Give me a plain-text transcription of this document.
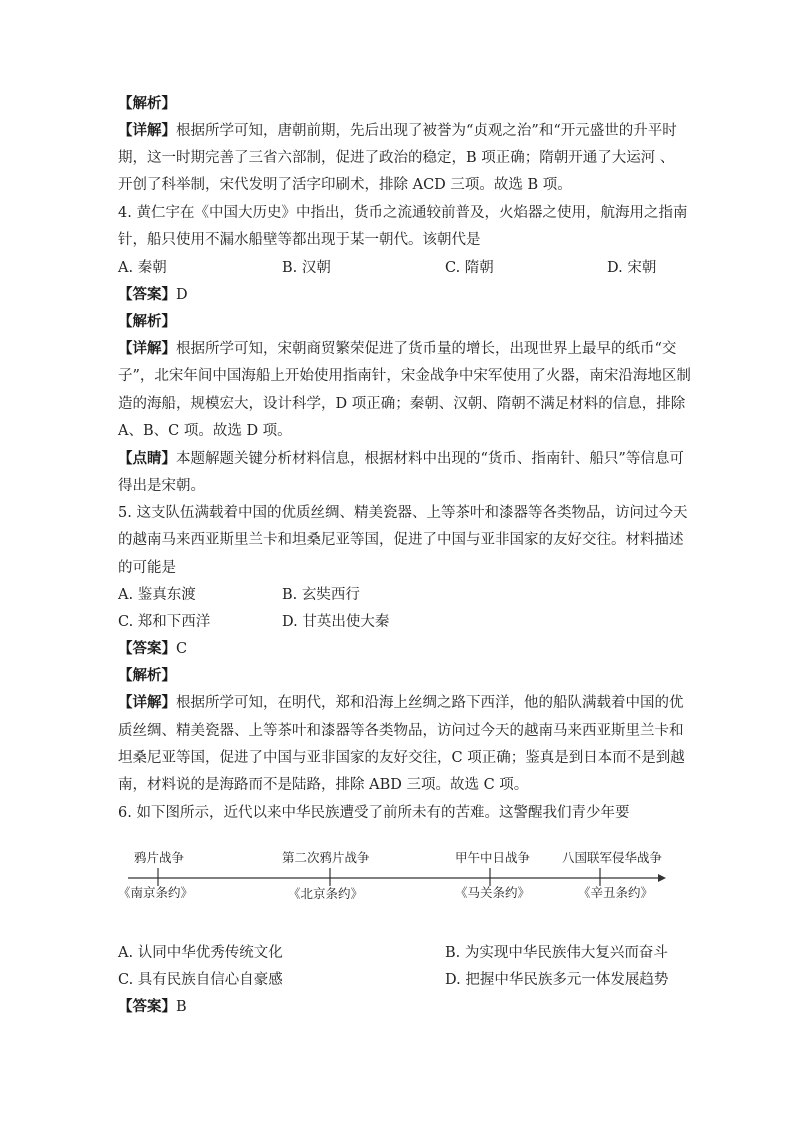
【解析】
【详解】根据所学可知，唐朝前期，先后出现了被誉为“贞观之治”和“开元盛世的升平时
期，这一时期完善了三省六部制，促进了政治的稳定，B 项正确；隋朝开通了大运河 、
开创了科举制，宋代发明了活字印刷术，排除 ACD 三项。故选 B 项。
4. 黄仁宇在《中国大历史》中指出，货币之流通较前普及，火焰器之使用，航海用之指南
针，船只使用不漏水船壁等都出现于某一朝代。该朝代是
A. 秦朝	B. 汉朝	C. 隋朝	D. 宋朝
【答案】D
【解析】
【详解】根据所学可知，宋朝商贸繁荣促进了货币量的增长，出现世界上最早的纸币“交
子”，北宋年间中国海船上开始使用指南针，宋金战争中宋军使用了火器，南宋沿海地区制
造的海船，规模宏大，设计科学，D 项正确；秦朝、汉朝、隋朝不满足材料的信息，排除
A、B、C 项。故选 D 项。
【点睛】本题解题关键分析材料信息，根据材料中出现的“货币、指南针、船只”等信息可
得出是宋朝。
5. 这支队伍满载着中国的优质丝绸、精美瓷器、上等茶叶和漆器等各类物品，访问过今天
的越南马来西亚斯里兰卡和坦桑尼亚等国，促进了中国与亚非国家的友好交往。材料描述
的可能是
A. 鉴真东渡	B. 玄奘西行
C. 郑和下西洋	D. 甘英出使大秦
【答案】C
【解析】
【详解】根据所学可知，在明代，郑和沿海上丝绸之路下西洋，他的船队满载着中国的优
质丝绸、精美瓷器、上等茶叶和漆器等各类物品，访问过今天的越南马来西亚斯里兰卡和
坦桑尼亚等国，促进了中国与亚非国家的友好交往，C 项正确；鉴真是到日本而不是到越
南，材料说的是海路而不是陆路，排除 ABD 三项。故选 C 项。
6. 如下图所示，近代以来中华民族遭受了前所未有的苦难。这警醒我们青少年要
鸦片战争	第二次鸦片战争	甲午中日战争	八国联军侵华战争
《南京条约》	《北京条约》	《马关条约》	《辛丑条约》
A. 认同中华优秀传统文化	B. 为实现中华民族伟大复兴而奋斗
C. 具有民族自信心自豪感	D. 把握中华民族多元一体发展趋势
【答案】B
